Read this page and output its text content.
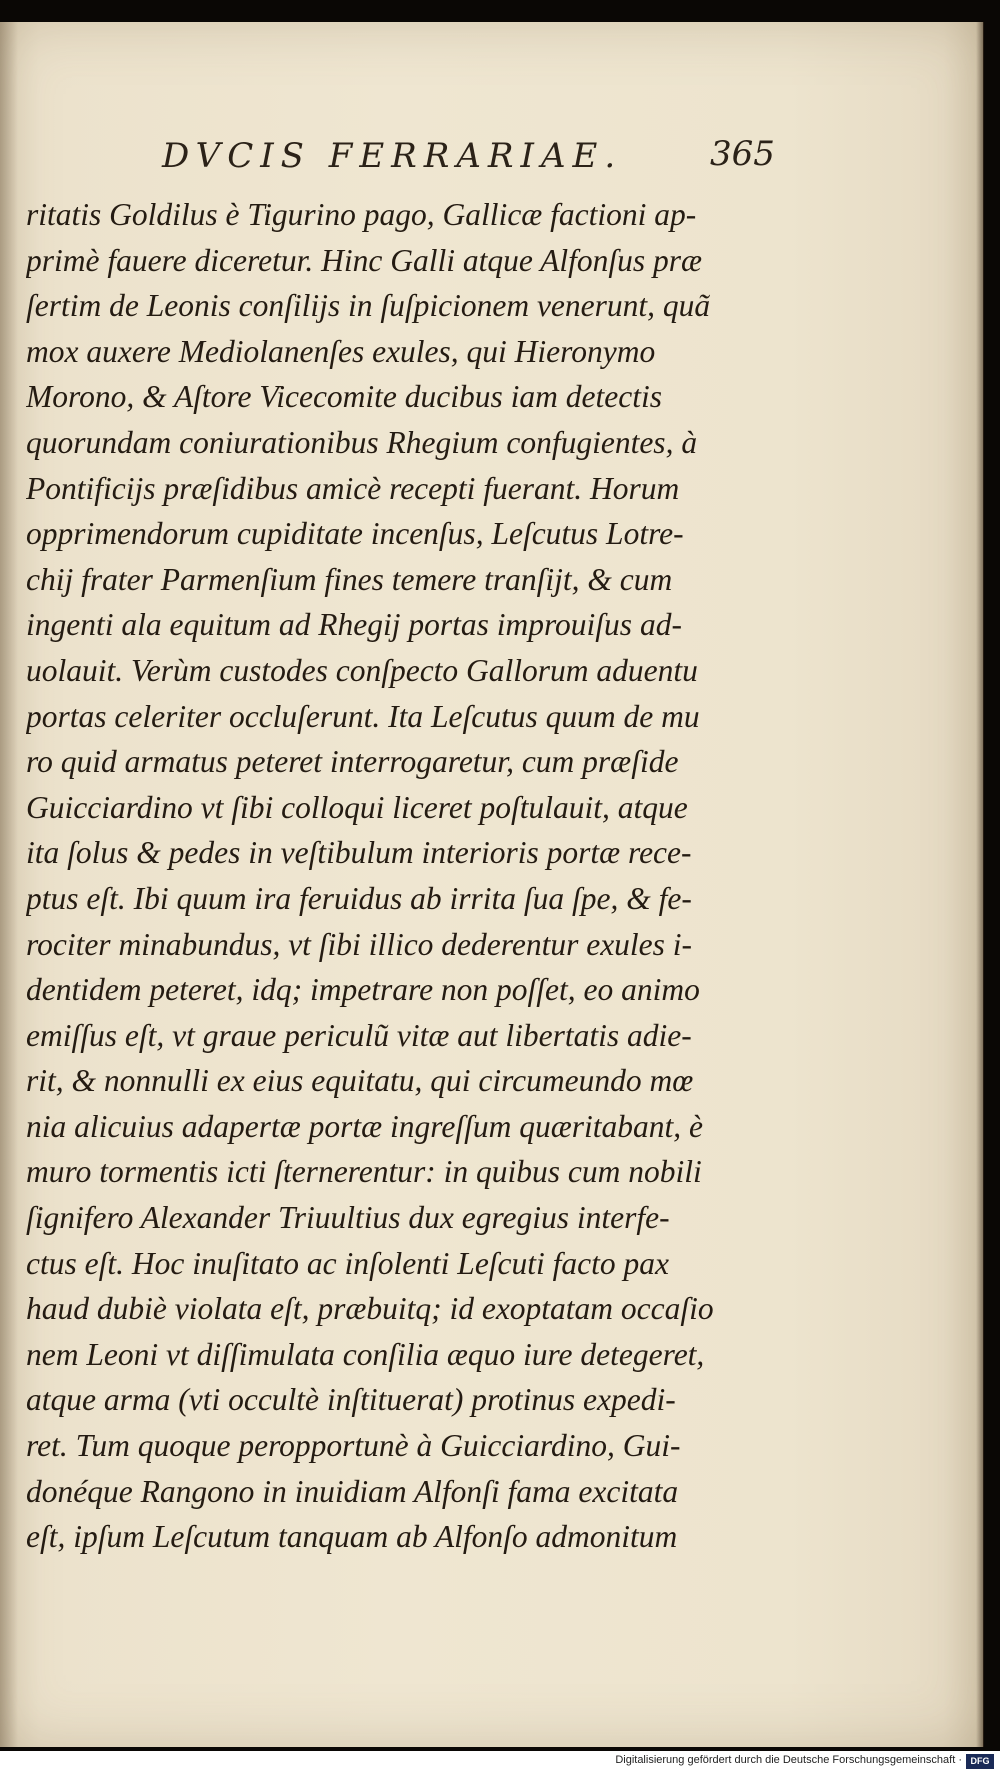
DVCIS FERRARIAE.	365
ritatis Goldilus è Tigurino pago, Gallicæ factioni ap-
primè fauere diceretur. Hinc Galli atque Alfonſus præ
ſertim de Leonis conſilijs in ſuſpicionem venerunt, quã
mox auxere Mediolanenſes exules, qui Hieronymo
Morono, & Aſtore Vicecomite ducibus iam detectis
quorundam coniurationibus Rhegium confugientes, à
Pontificijs præſidibus amicè recepti fuerant. Horum
opprimendorum cupiditate incenſus, Leſcutus Lotre-
chij frater Parmenſium fines temere tranſijt, & cum
ingenti ala equitum ad Rhegij portas improuiſus ad-
uolauit. Verùm custodes conſpecto Gallorum aduentu
portas celeriter occluſerunt. Ita Leſcutus quum de mu
ro quid armatus peteret interrogaretur, cum præſide
Guicciardino vt ſibi colloqui liceret poſtulauit, atque
ita ſolus & pedes in veſtibulum interioris portæ rece-
ptus eſt. Ibi quum ira feruidus ab irrita ſua ſpe, & fe-
rociter minabundus, vt ſibi illico dederentur exules i-
dentidem peteret, idq; impetrare non poſſet, eo animo
emiſſus eſt, vt graue periculũ vitæ aut libertatis adie-
rit, & nonnulli ex eius equitatu, qui circumeundo mœ
nia alicuius adapertæ portæ ingreſſum quæritabant, è
muro tormentis icti ſternerentur: in quibus cum nobili
ſignifero Alexander Triuultius dux egregius interfe-
ctus eſt. Hoc inuſitato ac inſolenti Leſcuti facto pax
haud dubiè violata eſt, præbuitq; id exoptatam occaſio
nem Leoni vt diſſimulata conſilia æquo iure detegeret,
atque arma (vti occultè inſtituerat) protinus expedi-
ret. Tum quoque peropportunè à Guicciardino, Gui-
donéque Rangono in inuidiam Alfonſi fama excitata
eſt, ipſum Leſcutum tanquam ab Alfonſo admonitum
Digitalisierung gefördert durch die Deutsche Forschungsgemeinschaft · DFG
